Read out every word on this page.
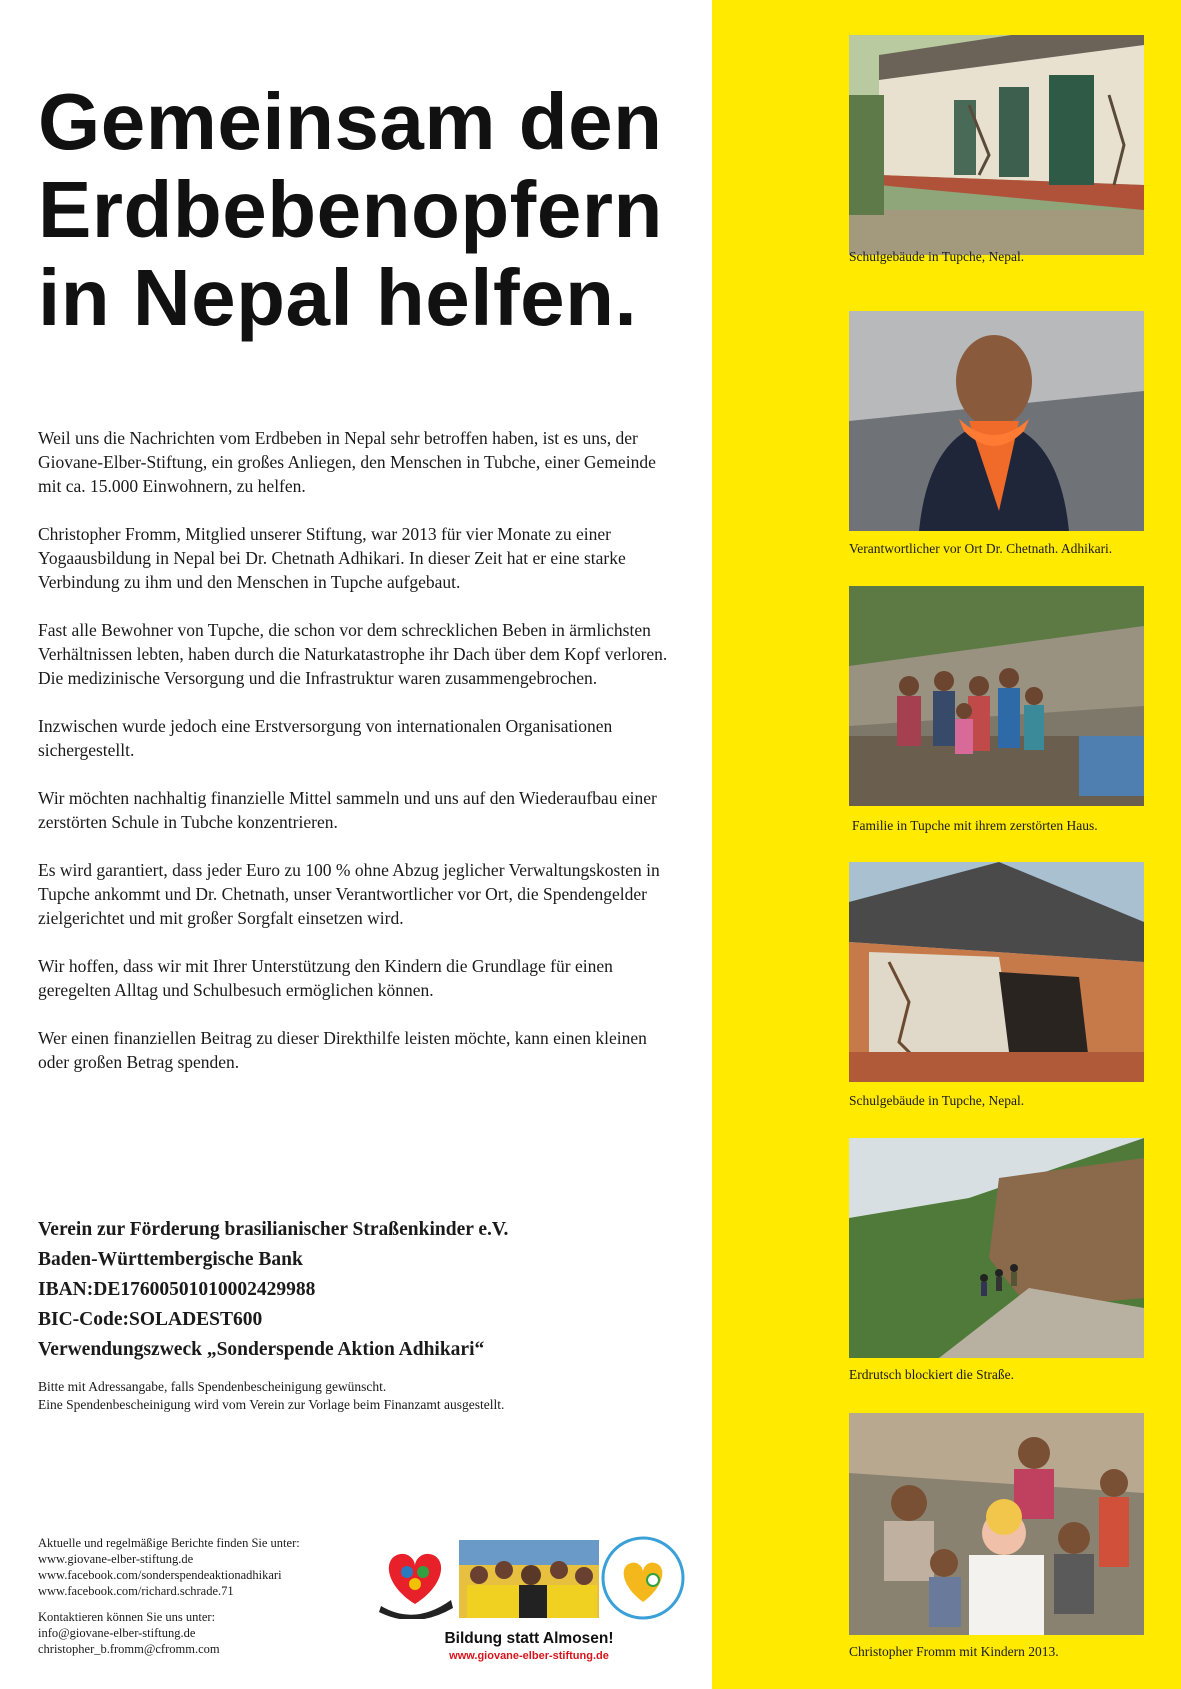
Gemeinsam den
Erdbebenopfern
in Nepal helfen.

Weil uns die Nachrichten vom Erdbeben in Nepal sehr betroffen haben, ist es uns, der Giovane-Elber-Stiftung, ein großes Anliegen, den Menschen in Tubche, einer Gemeinde mit ca. 15.000 Einwohnern, zu helfen.

Christopher Fromm, Mitglied unserer Stiftung, war 2013 für vier Monate zu einer Yogaausbildung in Nepal bei Dr. Chetnath Adhikari. In dieser Zeit hat er eine starke Verbindung zu ihm und den Menschen in Tupche aufgebaut.

Fast alle Bewohner von Tupche, die schon vor dem schrecklichen Beben in ärmlichsten Verhältnissen lebten, haben durch die Naturkatastrophe ihr Dach über dem Kopf verloren. Die medizinische Versorgung und die Infrastruktur waren zusammengebrochen.

Inzwischen wurde jedoch eine Erstversorgung von internationalen Organisationen sichergestellt.

Wir möchten nachhaltig finanzielle Mittel sammeln und uns auf den Wiederaufbau einer zerstörten Schule in Tubche konzentrieren.

Es wird garantiert, dass jeder Euro zu 100 % ohne Abzug jeglicher Verwaltungskosten in Tupche ankommt und Dr. Chetnath, unser Verantwortlicher vor Ort, die Spendengelder zielgerichtet und mit großer Sorgfalt einsetzen wird.

Wir hoffen, dass wir mit Ihrer Unterstützung den Kindern die Grundlage für einen geregelten Alltag und Schulbesuch ermöglichen können.

Wer einen finanziellen Beitrag zu dieser Direkthilfe leisten möchte, kann einen kleinen oder großen Betrag spenden.

Verein zur Förderung brasilianischer Straßenkinder e.V.
Baden-Württembergische Bank
IBAN:DE17600501010002429988
BIC-Code:SOLADEST600
Verwendungszweck „Sonderspende Aktion Adhikari“
Bitte mit Adressangabe, falls Spendenbescheinigung gewünscht.
Eine Spendenbescheinigung wird vom Verein zur Vorlage beim Finanzamt ausgestellt.
Aktuelle und regelmäßige Berichte finden Sie unter:
www.giovane-elber-stiftung.de
www.facebook.com/sonderspendeaktionadhikari
www.facebook.com/richard.schrade.71
Kontaktieren können Sie uns unter:
info@giovane-elber-stiftung.de
christopher_b.fromm@cfromm.com
Schulgebäude in Tupche, Nepal.
Verantwortlicher vor Ort Dr. Chetnath. Adhikari.
Familie in Tupche mit ihrem zerstörten Haus.
Schulgebäude in Tupche, Nepal.
Erdrutsch blockiert die Straße.
Christopher Fromm mit Kindern 2013.
Bildung statt Almosen!
www.giovane-elber-stiftung.de
